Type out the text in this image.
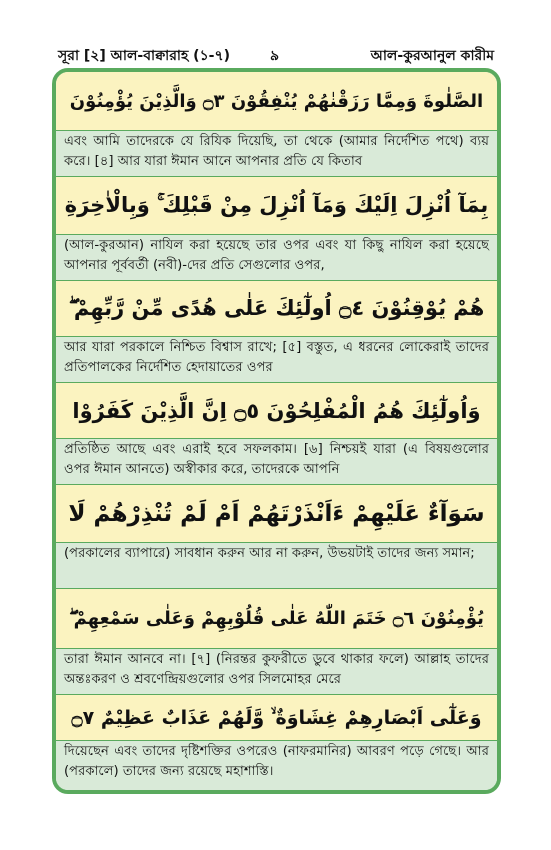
সূরা [২] আল-বাক্বারাহ (১-৭)	৯	আল-কুরআনুল কারীম
الصَّلٰوةَ وَمِمَّا رَزَقْنٰهُمْ يُنْفِقُوْنَ ۝٣ وَالَّذِيْنَ يُؤْمِنُوْنَ
এবং আমি তাদেরকে যে রিযিক দিয়েছি, তা থেকে (আমার নির্দেশিত পথে) ব্যয় করে। [৪] আর যারা ঈমান আনে আপনার প্রতি যে কিতাব
بِمَآ اُنْزِلَ اِلَيْكَ وَمَآ اُنْزِلَ مِنْ قَبْلِكَ ۚ وَبِالْاٰخِرَةِ
(আল-কুরআন) নাযিল করা হয়েছে তার ওপর এবং যা কিছু নাযিল করা হয়েছে আপনার পূর্ববর্তী (নবী)-দের প্রতি সেগুলোর ওপর,
هُمْ يُوْقِنُوْنَ ۝٤ اُولٰٓئِكَ عَلٰى هُدًى مِّنْ رَّبِّهِمْ ۖ
আর যারা পরকালে নিশ্চিত বিশ্বাস রাখে; [৫] বস্তুত, এ ধরনের লোকেরাই তাদের প্রতিপালকের নির্দেশিত হেদায়াতের ওপর
وَاُولٰٓئِكَ هُمُ الْمُفْلِحُوْنَ ۝٥ اِنَّ الَّذِيْنَ كَفَرُوْا
প্রতিষ্ঠিত আছে এবং এরাই হবে সফলকাম। [৬] নিশ্চয়ই যারা (এ বিষয়গুলোর ওপর ঈমান আনতে) অস্বীকার করে, তাদেরকে আপনি
سَوَآءٌ عَلَيْهِمْ ءَاَنْذَرْتَهُمْ اَمْ لَمْ تُنْذِرْهُمْ لَا
(পরকালের ব্যাপারে) সাবধান করুন আর না করুন, উভয়টাই তাদের জন্য সমান;
يُؤْمِنُوْنَ ۝٦ خَتَمَ اللّٰهُ عَلٰى قُلُوْبِهِمْ وَعَلٰى سَمْعِهِمْ ۖ
তারা ঈমান আনবে না। [৭] (নিরন্তর কুফরীতে ডুবে থাকার ফলে) আল্লাহ তাদের অন্তঃকরণ ও শ্রবণেন্দ্রিয়গুলোর ওপর সিলমোহর মেরে
وَعَلٰٓى اَبْصَارِهِمْ غِشَاوَةٌ ۙ وَّلَهُمْ عَذَابٌ عَظِيْمٌ ۝٧
দিয়েছেন এবং তাদের দৃষ্টিশক্তির ওপরেও (নাফরমানির) আবরণ পড়ে গেছে। আর (পরকালে) তাদের জন্য রয়েছে মহাশাস্তি।
